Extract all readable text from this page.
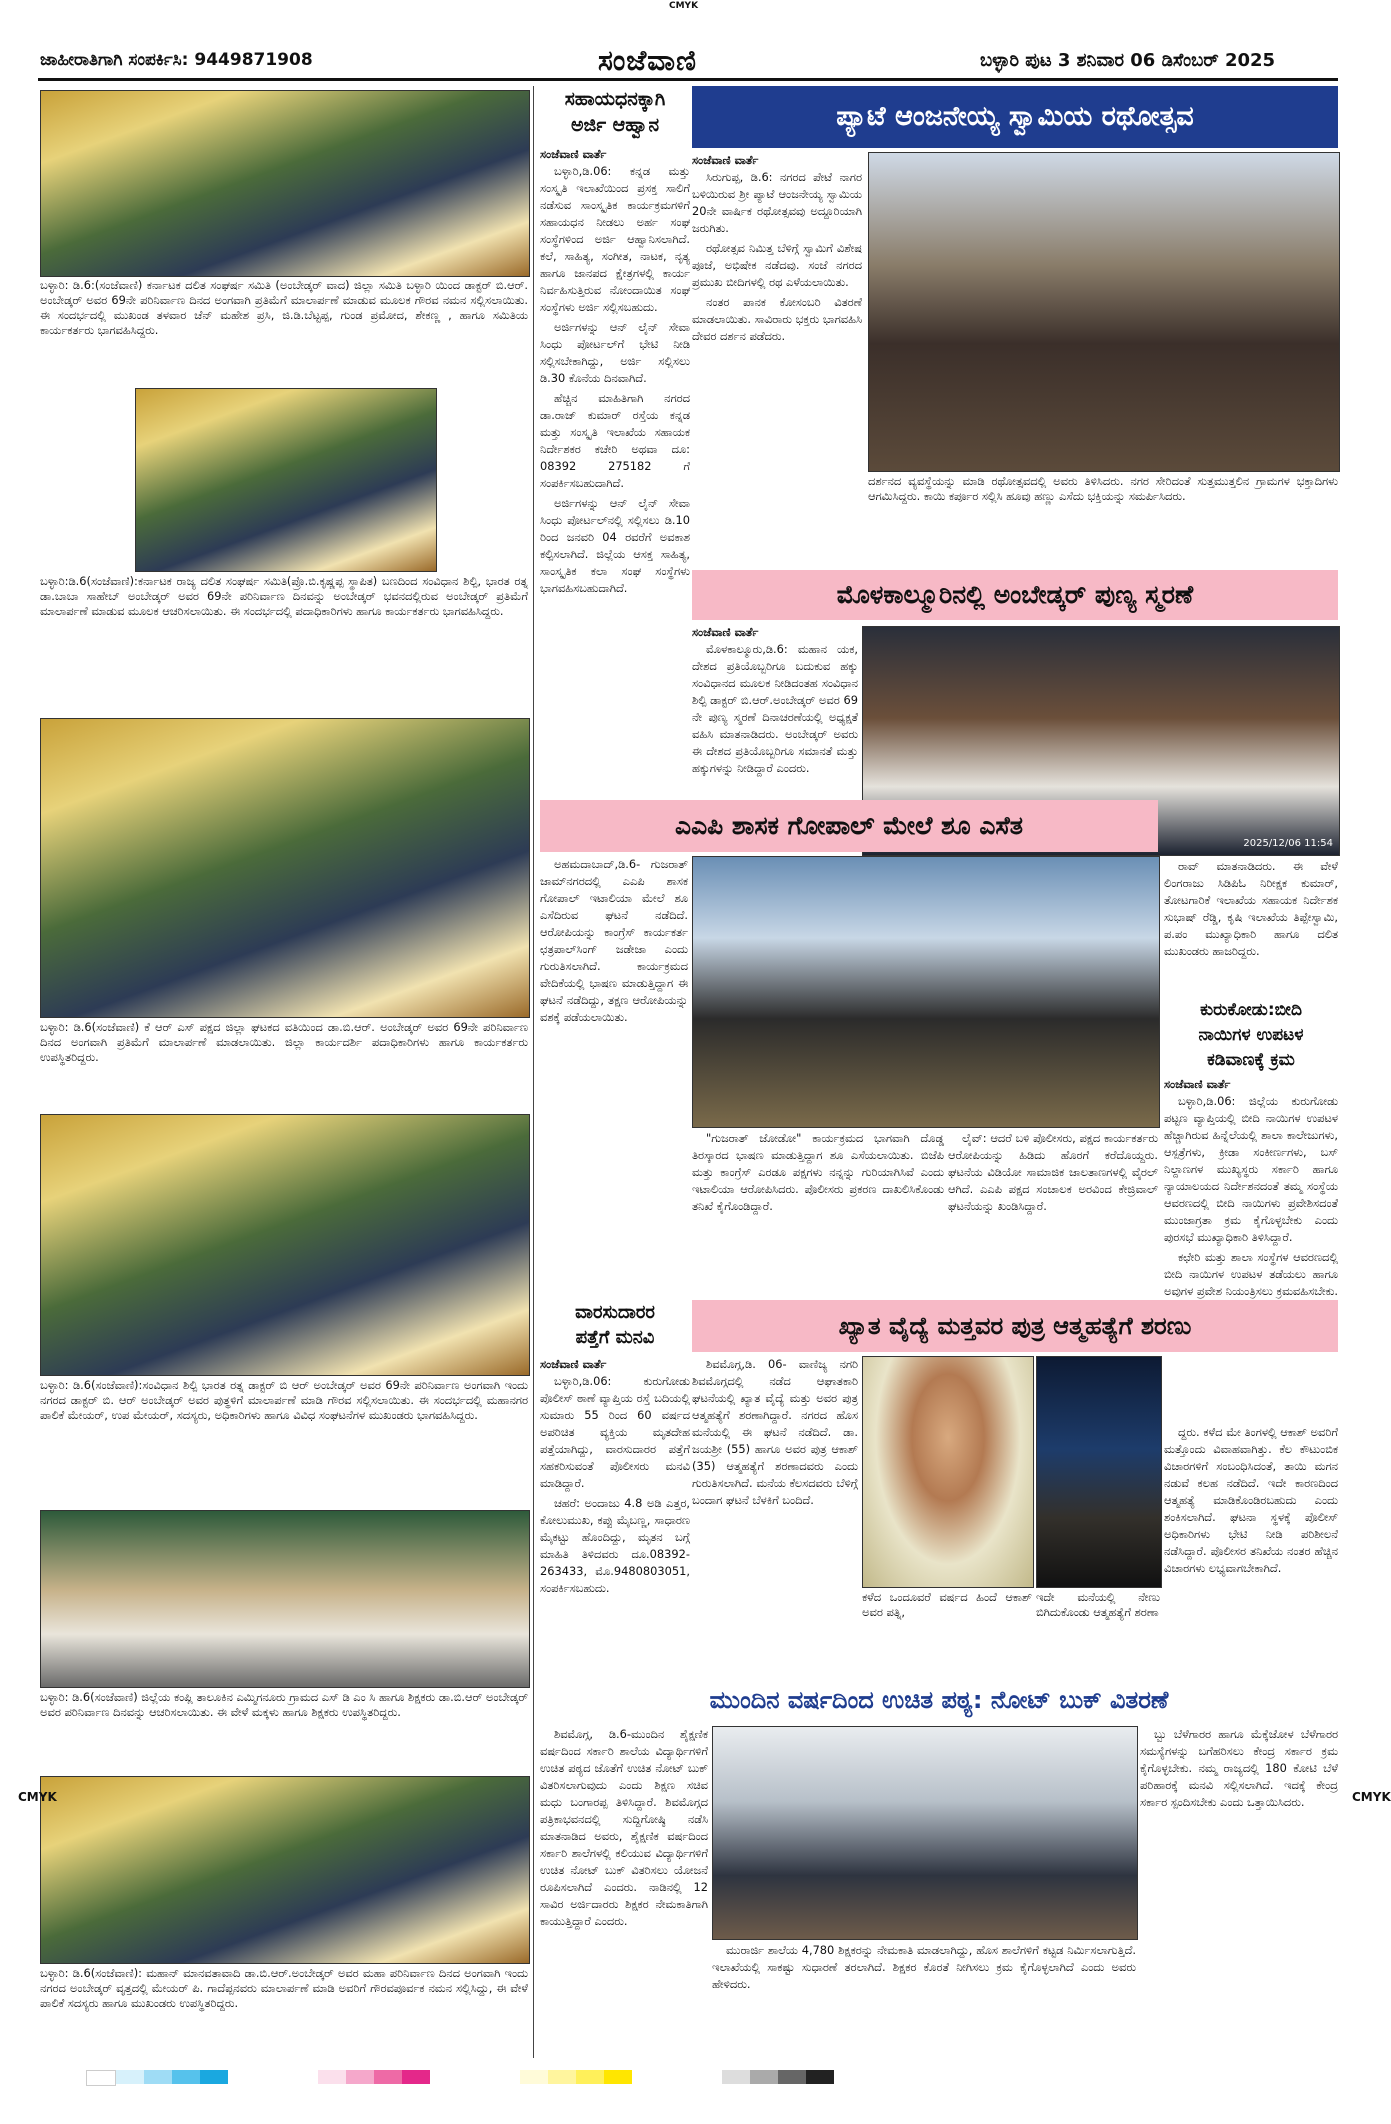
CMYK
ಜಾಹೀರಾತಿಗಾಗಿ ಸಂಪರ್ಕಿಸಿ: 9449871908	ಸಂಜೆವಾಣಿ	ಬಳ್ಳಾರಿ ಪುಟ 3 ಶನಿವಾರ 06 ಡಿಸೆಂಬರ್ 2025
ಬಳ್ಳಾರಿ: ಡಿ.6:(ಸಂಜೆವಾಣಿ) ಕರ್ನಾಟಕ ದಲಿತ ಸಂಘರ್ಷ ಸಮಿತಿ (ಅಂಬೇಡ್ಕರ್ ವಾದ) ಜಿಲ್ಲಾ ಸಮಿತಿ ಬಳ್ಳಾರಿ ಯಿಂದ ಡಾಕ್ಟರ್ ಬಿ.ಆರ್. ಅಂಬೇಡ್ಕರ್ ಅವರ 69ನೇ ಪರಿನಿರ್ವಾಣ ದಿನದ ಅಂಗವಾಗಿ ಪ್ರತಿಮೆಗೆ ಮಾಲಾರ್ಪಣೆ ಮಾಡುವ ಮೂಲಕ ಗೌರವ ನಮನ ಸಲ್ಲಿಸಲಾಯಿತು. ಈ ಸಂದರ್ಭದಲ್ಲಿ ಮುಖಂಡ ತಳವಾರ ಚೆನ್ ಮಹೇಶ ಪ್ರಸಿ, ಜಿ.ಡಿ.ಬೆಟ್ಟಪ್ಪ, ಗುಂಡ ಪ್ರಮೋದ, ಶೇಕಣ್ಣ , ಹಾಗೂ ಸಮಿತಿಯ ಕಾರ್ಯಕರ್ತರು ಭಾಗವಹಿಸಿದ್ದರು.
ಬಳ್ಳಾರಿ:ಡಿ.6(ಸಂಜೆವಾಣಿ):ಕರ್ನಾಟಕ ರಾಜ್ಯ ದಲಿತ ಸಂಘರ್ಷ ಸಮಿತಿ(ಪ್ರೊ.ಬಿ.ಕೃಷ್ಣಪ್ಪ ಸ್ಥಾಪಿತ) ಬಣದಿಂದ ಸಂವಿಧಾನ ಶಿಲ್ಪಿ, ಭಾರತ ರತ್ನ ಡಾ.ಬಾಬಾ ಸಾಹೇಬ್ ಅಂಬೇಡ್ಕರ್ ಅವರ 69ನೇ ಪರಿನಿರ್ವಾಣ ದಿನವನ್ನು ಅಂಬೇಡ್ಕರ್ ಭವನದಲ್ಲಿರುವ ಅಂಬೇಡ್ಕರ್ ಪ್ರತಿಮೆಗೆ ಮಾಲಾರ್ಪಣೆ ಮಾಡುವ ಮೂಲಕ ಆಚರಿಸಲಾಯಿತು. ಈ ಸಂದರ್ಭದಲ್ಲಿ ಪದಾಧಿಕಾರಿಗಳು ಹಾಗೂ ಕಾರ್ಯಕರ್ತರು ಭಾಗವಹಿಸಿದ್ದರು.
ಬಳ್ಳಾರಿ: ಡಿ.6(ಸಂಜೆವಾಣಿ) ಕೆ ಆರ್ ಎಸ್ ಪಕ್ಷದ ಜಿಲ್ಲಾ ಘಟಕದ ವತಿಯಿಂದ ಡಾ.ಬಿ.ಆರ್. ಅಂಬೇಡ್ಕರ್ ಅವರ 69ನೇ ಪರಿನಿರ್ವಾಣ ದಿನದ ಅಂಗವಾಗಿ ಪ್ರತಿಮೆಗೆ ಮಾಲಾರ್ಪಣೆ ಮಾಡಲಾಯಿತು. ಜಿಲ್ಲಾ ಕಾರ್ಯದರ್ಶಿ ಪದಾಧಿಕಾರಿಗಳು ಹಾಗೂ ಕಾರ್ಯಕರ್ತರು ಉಪಸ್ಥಿತರಿದ್ದರು.
ಬಳ್ಳಾರಿ: ಡಿ.6(ಸಂಜೆವಾಣಿ):ಸಂವಿಧಾನ ಶಿಲ್ಪಿ ಭಾರತ ರತ್ನ ಡಾಕ್ಟರ್ ಬಿ ಆರ್ ಅಂಬೇಡ್ಕರ್ ಅವರ 69ನೇ ಪರಿನಿರ್ವಾಣ ಅಂಗವಾಗಿ ಇಂದು ನಗರದ ಡಾಕ್ಟರ್ ಬಿ. ಆರ್ ಅಂಬೇಡ್ಕರ್ ಅವರ ಪುತ್ಥಳಿಗೆ ಮಾಲಾರ್ಪಣೆ ಮಾಡಿ ಗೌರವ ಸಲ್ಲಿಸಲಾಯಿತು. ಈ ಸಂದರ್ಭದಲ್ಲಿ ಮಹಾನಗರ ಪಾಲಿಕೆ ಮೇಯರ್, ಉಪ ಮೇಯರ್, ಸದಸ್ಯರು, ಅಧಿಕಾರಿಗಳು ಹಾಗೂ ವಿವಿಧ ಸಂಘಟನೆಗಳ ಮುಖಂಡರು ಭಾಗವಹಿಸಿದ್ದರು.
ಬಳ್ಳಾರಿ: ಡಿ.6(ಸಂಜೆವಾಣಿ) ಜಿಲ್ಲೆಯ ಕಂಪ್ಲಿ ತಾಲೂಕಿನ ಎಮ್ಮಿಗನೂರು ಗ್ರಾಮದ ಎಸ್ ಡಿ ಎಂ ಸಿ ಹಾಗೂ ಶಿಕ್ಷಕರು ಡಾ.ಬಿ.ಆರ್ ಅಂಬೇಡ್ಕರ್ ಅವರ ಪರಿನಿರ್ವಾಣ ದಿನವನ್ನು ಆಚರಿಸಲಾಯಿತು. ಈ ವೇಳೆ ಮಕ್ಕಳು ಹಾಗೂ ಶಿಕ್ಷಕರು ಉಪಸ್ಥಿತರಿದ್ದರು.
ಬಳ್ಳಾರಿ: ಡಿ.6(ಸಂಜೆವಾಣಿ): ಮಹಾನ್ ಮಾನವತಾವಾದಿ ಡಾ.ಬಿ.ಆರ್.ಅಂಬೇಡ್ಕರ್ ಅವರ ಮಹಾ ಪರಿನಿರ್ವಾಣ ದಿನದ ಅಂಗವಾಗಿ ಇಂದು ನಗರದ ಅಂಬೇಡ್ಕರ್ ವೃತ್ತದಲ್ಲಿ ಮೇಯರ್ ಪಿ. ಗಾದೆಪ್ಪನವರು ಮಾಲಾರ್ಪಣೆ ಮಾಡಿ ಅವರಿಗೆ ಗೌರವಪೂರ್ವಕ ನಮನ ಸಲ್ಲಿಸಿದ್ದು, ಈ ವೇಳೆ ಪಾಲಿಕೆ ಸದಸ್ಯರು ಹಾಗೂ ಮುಖಂಡರು ಉಪಸ್ಥಿತರಿದ್ದರು.
ಸಹಾಯಧನಕ್ಕಾಗಿ
ಅರ್ಜಿ ಆಹ್ವಾನ
ಸಂಜೆವಾಣಿ ವಾರ್ತೆ

ಬಳ್ಳಾರಿ,ಡಿ.06: ಕನ್ನಡ ಮತ್ತು ಸಂಸ್ಕೃತಿ ಇಲಾಖೆಯಿಂದ ಪ್ರಸಕ್ತ ಸಾಲಿಗೆ ನಡೆಸುವ ಸಾಂಸ್ಕೃತಿಕ ಕಾರ್ಯಕ್ರಮಗಳಿಗೆ ಸಹಾಯಧನ ನೀಡಲು ಅರ್ಹ ಸಂಘ ಸಂಸ್ಥೆಗಳಿಂದ ಅರ್ಜಿ ಆಹ್ವಾನಿಸಲಾಗಿದೆ. ಕಲೆ, ಸಾಹಿತ್ಯ, ಸಂಗೀತ, ನಾಟಕ, ನೃತ್ಯ ಹಾಗೂ ಜಾನಪದ ಕ್ಷೇತ್ರಗಳಲ್ಲಿ ಕಾರ್ಯ ನಿರ್ವಹಿಸುತ್ತಿರುವ ನೋಂದಾಯಿತ ಸಂಘ ಸಂಸ್ಥೆಗಳು ಅರ್ಜಿ ಸಲ್ಲಿಸಬಹುದು.

ಅರ್ಜಿಗಳನ್ನು ಆನ್ ಲೈನ್ ಸೇವಾ ಸಿಂಧು ಪೋರ್ಟಲ್‌ಗೆ ಭೇಟಿ ನೀಡಿ ಸಲ್ಲಿಸಬೇಕಾಗಿದ್ದು, ಅರ್ಜಿ ಸಲ್ಲಿಸಲು ಡಿ.30 ಕೊನೆಯ ದಿನವಾಗಿದೆ.

ಹೆಚ್ಚಿನ ಮಾಹಿತಿಗಾಗಿ ನಗರದ ಡಾ.ರಾಜ್ ಕುಮಾರ್ ರಸ್ತೆಯ ಕನ್ನಡ ಮತ್ತು ಸಂಸ್ಕೃತಿ ಇಲಾಖೆಯ ಸಹಾಯಕ ನಿರ್ದೇಶಕರ ಕಚೇರಿ ಅಥವಾ ದೂ: 08392 275182 ಗೆ ಸಂಪರ್ಕಿಸಬಹುದಾಗಿದೆ.

ಅರ್ಜಿಗಳನ್ನು ಆನ್ ಲೈನ್ ಸೇವಾ ಸಿಂಧು ಪೋರ್ಟಲ್‌ನಲ್ಲಿ ಸಲ್ಲಿಸಲು ಡಿ.10 ರಿಂದ ಜನವರಿ 04 ರವರೆಗೆ ಅವಕಾಶ ಕಲ್ಪಿಸಲಾಗಿದೆ. ಜಿಲ್ಲೆಯ ಆಸಕ್ತ ಸಾಹಿತ್ಯ, ಸಾಂಸ್ಕೃತಿಕ ಕಲಾ ಸಂಘ ಸಂಸ್ಥೆಗಳು ಭಾಗವಹಿಸಬಹುದಾಗಿದೆ.

ಪ್ಯಾಟೆ ಆಂಜನೇಯ್ಯ ಸ್ವಾಮಿಯ ರಥೋತ್ಸವ
ಸಂಜೆವಾಣಿ ವಾರ್ತೆ

ಸಿರುಗುಪ್ಪ, ಡಿ.6: ನಗರದ ಪೇಟೆ ನಾಗರ ಬಳಿಯಿರುವ ಶ್ರೀ ಪ್ಯಾಟೆ ಆಂಜನೇಯ್ಯ ಸ್ವಾಮಿಯ 20ನೇ ವಾರ್ಷಿಕ ರಥೋತ್ಸವವು ಅದ್ದೂರಿಯಾಗಿ ಜರುಗಿತು.

ರಥೋತ್ಸವ ನಿಮಿತ್ತ ಬೆಳಿಗ್ಗೆ ಸ್ವಾಮಿಗೆ ವಿಶೇಷ ಪೂಜೆ, ಅಭಿಷೇಕ ನಡೆದವು. ಸಂಜೆ ನಗರದ ಪ್ರಮುಖ ಬೀದಿಗಳಲ್ಲಿ ರಥ ಎಳೆಯಲಾಯಿತು.

ನಂತರ ಪಾನಕ ಕೋಸಂಬರಿ ವಿತರಣೆ ಮಾಡಲಾಯಿತು. ಸಾವಿರಾರು ಭಕ್ತರು ಭಾಗವಹಿಸಿ ದೇವರ ದರ್ಶನ ಪಡೆದರು.

ದರ್ಶನದ ವ್ಯವಸ್ಥೆಯನ್ನು ಮಾಡಿ ರಥೋತ್ಸವದಲ್ಲಿ ಅವರು ತಿಳಿಸಿದರು. ನಗರ ಸೇರಿದಂತೆ ಸುತ್ತಮುತ್ತಲಿನ ಗ್ರಾಮಗಳ ಭಕ್ತಾದಿಗಳು ಆಗಮಿಸಿದ್ದರು. ಕಾಯಿ ಕರ್ಪೂರ ಸಲ್ಲಿಸಿ ಹೂವು ಹಣ್ಣು ಎಸೆದು ಭಕ್ತಿಯನ್ನು ಸಮರ್ಪಿಸಿದರು.
ಮೊಳಕಾಲ್ಮೂರಿನಲ್ಲಿ ಅಂಬೇಡ್ಕರ್ ಪುಣ್ಯ ಸ್ಮರಣೆ
ಸಂಜೆವಾಣಿ ವಾರ್ತೆ

ಮೊಳಕಾಲ್ಮೂರು,ಡಿ.6: ಮಹಾನ ಯಕ, ದೇಶದ ಪ್ರತಿಯೊಬ್ಬರಿಗೂ ಬದುಕುವ ಹಕ್ಕು ಸಂವಿಧಾನದ ಮೂಲಕ ನೀಡಿದಂತಹ ಸಂವಿಧಾನ ಶಿಲ್ಪಿ ಡಾಕ್ಟರ್ ಬಿ.ಆರ್.ಅಂಬೇಡ್ಕರ್ ಅವರ 69 ನೇ ಪುಣ್ಯ ಸ್ಮರಣೆ ದಿನಾಚರಣೆಯಲ್ಲಿ ಅಧ್ಯಕ್ಷತೆ ವಹಿಸಿ ಮಾತನಾಡಿದರು. ಅಂಬೇಡ್ಕರ್ ಅವರು ಈ ದೇಶದ ಪ್ರತಿಯೊಬ್ಬರಿಗೂ ಸಮಾನತೆ ಮತ್ತು ಹಕ್ಕುಗಳನ್ನು ನೀಡಿದ್ದಾರೆ ಎಂದರು.

2025/12/06 11:54

ರಾವ್ ಮಾತನಾಡಿದರು. ಈ ವೇಳೆ ಲಿಂಗರಾಜು ಸಿಡಿಪಿಓ ನಿರೀಕ್ಷಕ ಕುಮಾರ್, ತೋಟಗಾರಿಕೆ ಇಲಾಖೆಯ ಸಹಾಯಕ ನಿರ್ದೇಶಕ ಸುಭಾಷ್ ರೆಡ್ಡಿ, ಕೃಷಿ ಇಲಾಖೆಯ ತಿಪ್ಪೇಸ್ವಾಮಿ, ಪ.ಪಂ ಮುಖ್ಯಾಧಿಕಾರಿ ಹಾಗೂ ದಲಿತ ಮುಖಂಡರು ಹಾಜರಿದ್ದರು.

ಎಎಪಿ ಶಾಸಕ ಗೋಪಾಲ್ ಮೇಲೆ ಶೂ ಎಸೆತ

ಅಹಮದಾಬಾದ್,ಡಿ.6- ಗುಜರಾತ್ ಜಾಮ್‌ನಗರದಲ್ಲಿ ಎಎಪಿ ಶಾಸಕ ಗೋಪಾಲ್ ಇಟಾಲಿಯಾ ಮೇಲೆ ಶೂ ಎಸೆದಿರುವ ಘಟನೆ ನಡೆದಿದೆ. ಆರೋಪಿಯನ್ನು ಕಾಂಗ್ರೆಸ್ ಕಾರ್ಯಕರ್ತ ಛತ್ರಪಾಲ್‌ಸಿಂಗ್ ಜಡೇಜಾ ಎಂದು ಗುರುತಿಸಲಾಗಿದೆ. ಕಾರ್ಯಕ್ರಮದ ವೇದಿಕೆಯಲ್ಲಿ ಭಾಷಣ ಮಾಡುತ್ತಿದ್ದಾಗ ಈ ಘಟನೆ ನಡೆದಿದ್ದು, ತಕ್ಷಣ ಆರೋಪಿಯನ್ನು ವಶಕ್ಕೆ ಪಡೆಯಲಾಯಿತು.

"ಗುಜರಾತ್ ಜೋಡೋ" ಕಾರ್ಯಕ್ರಮದ ಭಾಗವಾಗಿ ದೊಡ್ಡ ತಿರಸ್ಕಾರದ ಭಾಷಣ ಮಾಡುತ್ತಿದ್ದಾಗ ಶೂ ಎಸೆಯಲಾಯಿತು. ಬಿಜೆಪಿ ಮತ್ತು ಕಾಂಗ್ರೆಸ್ ಎರಡೂ ಪಕ್ಷಗಳು ನನ್ನನ್ನು ಗುರಿಯಾಗಿಸಿವೆ ಎಂದು ಇಟಾಲಿಯಾ ಆರೋಪಿಸಿದರು. ಪೊಲೀಸರು ಪ್ರಕರಣ ದಾಖಲಿಸಿಕೊಂಡು ತನಿಖೆ ಕೈಗೊಂಡಿದ್ದಾರೆ.

ಲೈವ್: ಆದರೆ ಬಳಿ ಪೊಲೀಸರು, ಪಕ್ಷದ ಕಾರ್ಯಕರ್ತರು ಆರೋಪಿಯನ್ನು ಹಿಡಿದು ಹೊರಗೆ ಕರೆದೊಯ್ದರು. ಘಟನೆಯ ವಿಡಿಯೋ ಸಾಮಾಜಿಕ ಜಾಲತಾಣಗಳಲ್ಲಿ ವೈರಲ್ ಆಗಿದೆ. ಎಎಪಿ ಪಕ್ಷದ ಸಂಚಾಲಕ ಅರವಿಂದ ಕೇಜ್ರಿವಾಲ್ ಘಟನೆಯನ್ನು ಖಂಡಿಸಿದ್ದಾರೆ.

ಕುರುಕೋಡು:ಬೀದಿ
ನಾಯಿಗಳ ಉಪಟಳ
ಕಡಿವಾಣಕ್ಕೆ ಕ್ರಮ
ಸಂಜೆವಾಣಿ ವಾರ್ತೆ

ಬಳ್ಳಾರಿ,ಡಿ.06: ಜಿಲ್ಲೆಯ ಕುರುಗೋಡು ಪಟ್ಟಣ ವ್ಯಾಪ್ತಿಯಲ್ಲಿ ಬೀದಿ ನಾಯಿಗಳ ಉಪಟಳ ಹೆಚ್ಚಾಗಿರುವ ಹಿನ್ನೆಲೆಯಲ್ಲಿ ಶಾಲಾ ಕಾಲೇಜುಗಳು, ಆಸ್ಪತ್ರೆಗಳು, ಕ್ರೀಡಾ ಸಂಕೀರ್ಣಗಳು, ಬಸ್ ನಿಲ್ದಾಣಗಳ ಮುಖ್ಯಸ್ಥರು ಸರ್ಕಾರಿ ಹಾಗೂ ನ್ಯಾಯಾಲಯದ ನಿರ್ದೇಶನದಂತೆ ತಮ್ಮ ಸಂಸ್ಥೆಯ ಆವರಣದಲ್ಲಿ ಬೀದಿ ನಾಯಿಗಳು ಪ್ರವೇಶಿಸದಂತೆ ಮುಂಜಾಗ್ರತಾ ಕ್ರಮ ಕೈಗೊಳ್ಳಬೇಕು ಎಂದು ಪುರಸಭೆ ಮುಖ್ಯಾಧಿಕಾರಿ ತಿಳಿಸಿದ್ದಾರೆ.

ಕಛೇರಿ ಮತ್ತು ಶಾಲಾ ಸಂಸ್ಥೆಗಳ ಆವರಣದಲ್ಲಿ ಬೀದಿ ನಾಯಿಗಳ ಉಪಟಳ ತಡೆಯಲು ಹಾಗೂ ಅವುಗಳ ಪ್ರವೇಶ ನಿಯಂತ್ರಿಸಲು ಕ್ರಮವಹಿಸಬೇಕು.

ವಾರಸುದಾರರ
ಪತ್ತೆಗೆ ಮನವಿ
ಸಂಜೆವಾಣಿ ವಾರ್ತೆ

ಬಳ್ಳಾರಿ,ಡಿ.06: ಕುರುಗೋಡು ಪೊಲೀಸ್ ಠಾಣೆ ವ್ಯಾಪ್ತಿಯ ರಸ್ತೆ ಬದಿಯಲ್ಲಿ ಸುಮಾರು 55 ರಿಂದ 60 ವರ್ಷದ ಅಪರಿಚಿತ ವ್ಯಕ್ತಿಯ ಮೃತದೇಹ ಪತ್ತೆಯಾಗಿದ್ದು, ವಾರಸುದಾರರ ಪತ್ತೆಗೆ ಸಹಕರಿಸುವಂತೆ ಪೊಲೀಸರು ಮನವಿ ಮಾಡಿದ್ದಾರೆ.

ಚಹರೆ: ಅಂದಾಜು 4.8 ಅಡಿ ಎತ್ತರ, ಕೋಲುಮುಖ, ಕಪ್ಪು ಮೈಬಣ್ಣ, ಸಾಧಾರಣ ಮೈಕಟ್ಟು ಹೊಂದಿದ್ದು, ಮೃತನ ಬಗ್ಗೆ ಮಾಹಿತಿ ತಿಳಿದವರು ದೂ.08392-263433, ಮೊ.9480803051, ಸಂಪರ್ಕಿಸಬಹುದು.

ಖ್ಯಾತ ವೈದ್ಯೆ ಮತ್ತವರ ಪುತ್ರ ಆತ್ಮಹತ್ಯೆಗೆ ಶರಣು

ಶಿವಮೊಗ್ಗ,ಡಿ. 06- ವಾಣಿಜ್ಯ ನಗರಿ ಶಿವಮೊಗ್ಗದಲ್ಲಿ ನಡೆದ ಆಘಾತಕಾರಿ ಘಟನೆಯಲ್ಲಿ ಖ್ಯಾತ ವೈದ್ಯೆ ಮತ್ತು ಅವರ ಪುತ್ರ ಆತ್ಮಹತ್ಯೆಗೆ ಶರಣಾಗಿದ್ದಾರೆ. ನಗರದ ಹೊಸ ಮನೆಯಲ್ಲಿ ಈ ಘಟನೆ ನಡೆದಿದೆ. ಡಾ. ಜಯಶ್ರೀ (55) ಹಾಗೂ ಅವರ ಪುತ್ರ ಆಕಾಶ್ (35) ಆತ್ಮಹತ್ಯೆಗೆ ಶರಣಾದವರು ಎಂದು ಗುರುತಿಸಲಾಗಿದೆ. ಮನೆಯ ಕೆಲಸದವರು ಬೆಳಿಗ್ಗೆ ಬಂದಾಗ ಘಟನೆ ಬೆಳಕಿಗೆ ಬಂದಿದೆ.

ಕಳೆದ ಒಂದೂವರೆ ವರ್ಷದ ಹಿಂದೆ ಆಕಾಶ್ ಅವರ ಪತ್ನಿ,
ಇದೇ ಮನೆಯಲ್ಲಿ ನೇಣು ಬಿಗಿದುಕೊಂಡು ಆತ್ಮಹತ್ಯೆಗೆ ಶರಣಾ

ದ್ದರು. ಕಳೆದ ಮೇ ತಿಂಗಳಲ್ಲಿ ಆಕಾಶ್ ಅವರಿಗೆ ಮತ್ತೊಂದು ವಿವಾಹವಾಗಿತ್ತು. ಕೆಲ ಕೌಟುಂಬಿಕ ವಿಚಾರಗಳಿಗೆ ಸಂಬಂಧಿಸಿದಂತೆ, ತಾಯಿ ಮಗನ ನಡುವೆ ಕಲಹ ನಡೆದಿದೆ. ಇದೇ ಕಾರಣದಿಂದ ಆತ್ಮಹತ್ಯೆ ಮಾಡಿಕೊಂಡಿರಬಹುದು ಎಂದು ಶಂಕಿಸಲಾಗಿದೆ. ಘಟನಾ ಸ್ಥಳಕ್ಕೆ ಪೊಲೀಸ್ ಅಧಿಕಾರಿಗಳು ಭೇಟಿ ನೀಡಿ ಪರಿಶೀಲನೆ ನಡೆಸಿದ್ದಾರೆ. ಪೊಲೀಸರ ತನಿಖೆಯ ನಂತರ ಹೆಚ್ಚಿನ ವಿಚಾರಗಳು ಲಭ್ಯವಾಗಬೇಕಾಗಿದೆ.

ಮುಂದಿನ ವರ್ಷದಿಂದ ಉಚಿತ ಪಠ್ಯ: ನೋಟ್ ಬುಕ್ ವಿತರಣೆ

ಶಿವಮೊಗ್ಗ, ಡಿ.6-ಮುಂದಿನ ಶೈಕ್ಷಣಿಕ ವರ್ಷದಿಂದ ಸರ್ಕಾರಿ ಶಾಲೆಯ ವಿದ್ಯಾರ್ಥಿಗಳಿಗೆ ಉಚಿತ ಪಠ್ಯದ ಜೊತೆಗೆ ಉಚಿತ ನೋಟ್ ಬುಕ್ ವಿತರಿಸಲಾಗುವುದು ಎಂದು ಶಿಕ್ಷಣ ಸಚಿವ ಮಧು ಬಂಗಾರಪ್ಪ ತಿಳಿಸಿದ್ದಾರೆ. ಶಿವಮೊಗ್ಗದ ಪತ್ರಿಕಾಭವನದಲ್ಲಿ ಸುದ್ದಿಗೋಷ್ಠಿ ನಡೆಸಿ ಮಾತನಾಡಿದ ಅವರು, ಶೈಕ್ಷಣಿಕ ವರ್ಷದಿಂದ ಸರ್ಕಾರಿ ಶಾಲೆಗಳಲ್ಲಿ ಕಲಿಯುವ ವಿದ್ಯಾರ್ಥಿಗಳಿಗೆ ಉಚಿತ ನೋಟ್ ಬುಕ್ ವಿತರಿಸಲು ಯೋಜನೆ ರೂಪಿಸಲಾಗಿದೆ ಎಂದರು. ನಾಡಿನಲ್ಲಿ 12 ಸಾವಿರ ಅರ್ಜಿದಾರರು ಶಿಕ್ಷಕರ ನೇಮಕಾತಿಗಾಗಿ ಕಾಯುತ್ತಿದ್ದಾರೆ ಎಂದರು.

ಮುರಾರ್ಜಿ ಶಾಲೆಯ 4,780 ಶಿಕ್ಷಕರನ್ನು ನೇಮಕಾತಿ ಮಾಡಲಾಗಿದ್ದು, ಹೊಸ ಶಾಲೆಗಳಿಗೆ ಕಟ್ಟಡ ನಿರ್ಮಿಸಲಾಗುತ್ತಿದೆ. ಇಲಾಖೆಯಲ್ಲಿ ಸಾಕಷ್ಟು ಸುಧಾರಣೆ ತರಲಾಗಿದೆ. ಶಿಕ್ಷಕರ ಕೊರತೆ ನೀಗಿಸಲು ಕ್ರಮ ಕೈಗೊಳ್ಳಲಾಗಿದೆ ಎಂದು ಅವರು ಹೇಳಿದರು.

ಬ್ಬು ಬೆಳೆಗಾರರ ಹಾಗೂ ಮೆಕ್ಕೆಜೋಳ ಬೆಳೆಗಾರರ ಸಮಸ್ಯೆಗಳನ್ನು ಬಗೆಹರಿಸಲು ಕೇಂದ್ರ ಸರ್ಕಾರ ಕ್ರಮ ಕೈಗೊಳ್ಳಬೇಕು. ನಮ್ಮ ರಾಜ್ಯದಲ್ಲಿ 180 ಕೋಟಿ ಬೆಳೆ ಪರಿಹಾರಕ್ಕೆ ಮನವಿ ಸಲ್ಲಿಸಲಾಗಿದೆ. ಇದಕ್ಕೆ ಕೇಂದ್ರ ಸರ್ಕಾರ ಸ್ಪಂದಿಸಬೇಕು ಎಂದು ಒತ್ತಾಯಿಸಿದರು.

CMYK	CMYK
